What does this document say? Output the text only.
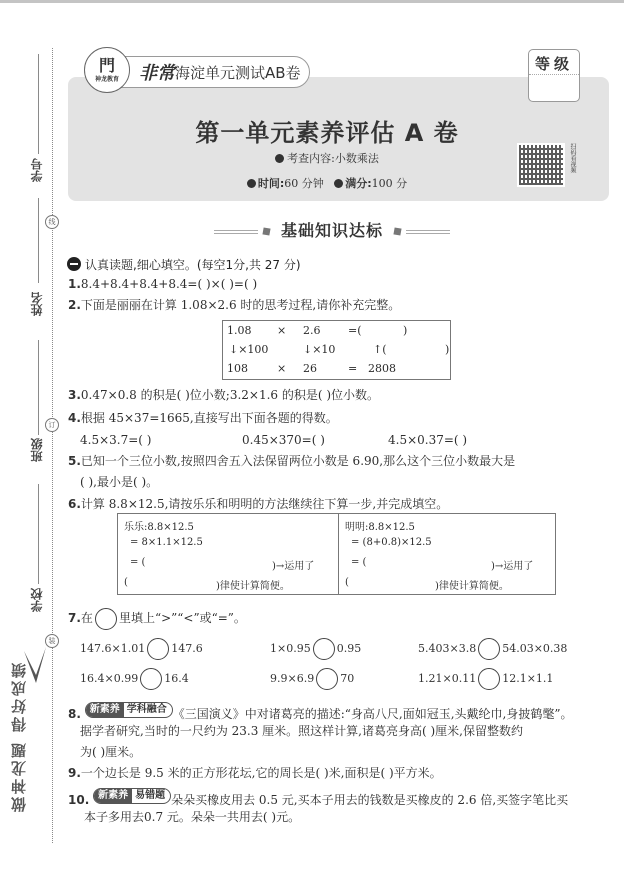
线
订
装
学号
姓名
班级
学校
做神龙题 得好成绩
門
神龙教育 非常 海淀单元测试AB卷	等级
第一单元素养评估 A 卷
考查内容:小数乘法
时间:60 分钟 满分:100 分
扫码看视频
基础知识达标
认真读题,细心填空。(每空1分,共 27 分)
1.8.4+8.4+8.4+8.4=( )×( )=( )
2.下面是丽丽在计算 1.08×2.6 时的思考过程,请你补充完整。
1.08 × 2.6	=(	)
↓×100	↓×10	↑(	)
108	× 26	= 2808
3.0.47×0.8 的积是( )位小数;3.2×1.6 的积是( )位小数。
4.根据 45×37=1665,直接写出下面各题的得数。
4.5×3.7=( )	0.45×370=( )	4.5×0.37=( )
5.已知一个三位小数,按照四舍五入法保留两位小数是 6.90,那么这个三位小数最大是
( ),最小是( )。
6.计算 8.8×12.5,请按乐乐和明明的方法继续往下算一步,并完成填空。
乐乐:8.8×12.5
= 8×1.1×12.5
= (	)→运用了
(	)律使计算简便。
明明:8.8×12.5
= (8+0.8)×12.5
= (	)→运用了
(	)律使计算简便。
7.在 里填上“>”“<”或“=”。
147.6×1.01 147.6	1×0.95 0.95	5.403×3.8 54.03×0.38
16.4×0.99 16.4	9.9×6.9 70	1.21×0.11 12.1×1.1
8. 新素养 学科融合 《三国演义》中对诸葛亮的描述:“身高八尺,面如冠玉,头戴纶巾,身披鹤氅”。
据学者研究,当时的一尺约为 23.3 厘米。照这样计算,诸葛亮身高( )厘米,保留整数约
为( )厘米。
9.一个边长是 9.5 米的正方形花坛,它的周长是( )米,面积是( )平方米。
10. 新素养 易错题 朵朵买橡皮用去 0.5 元,买本子用去的钱数是买橡皮的 2.6 倍,买签字笔比买
本子多用去0.7 元。朵朵一共用去( )元。
